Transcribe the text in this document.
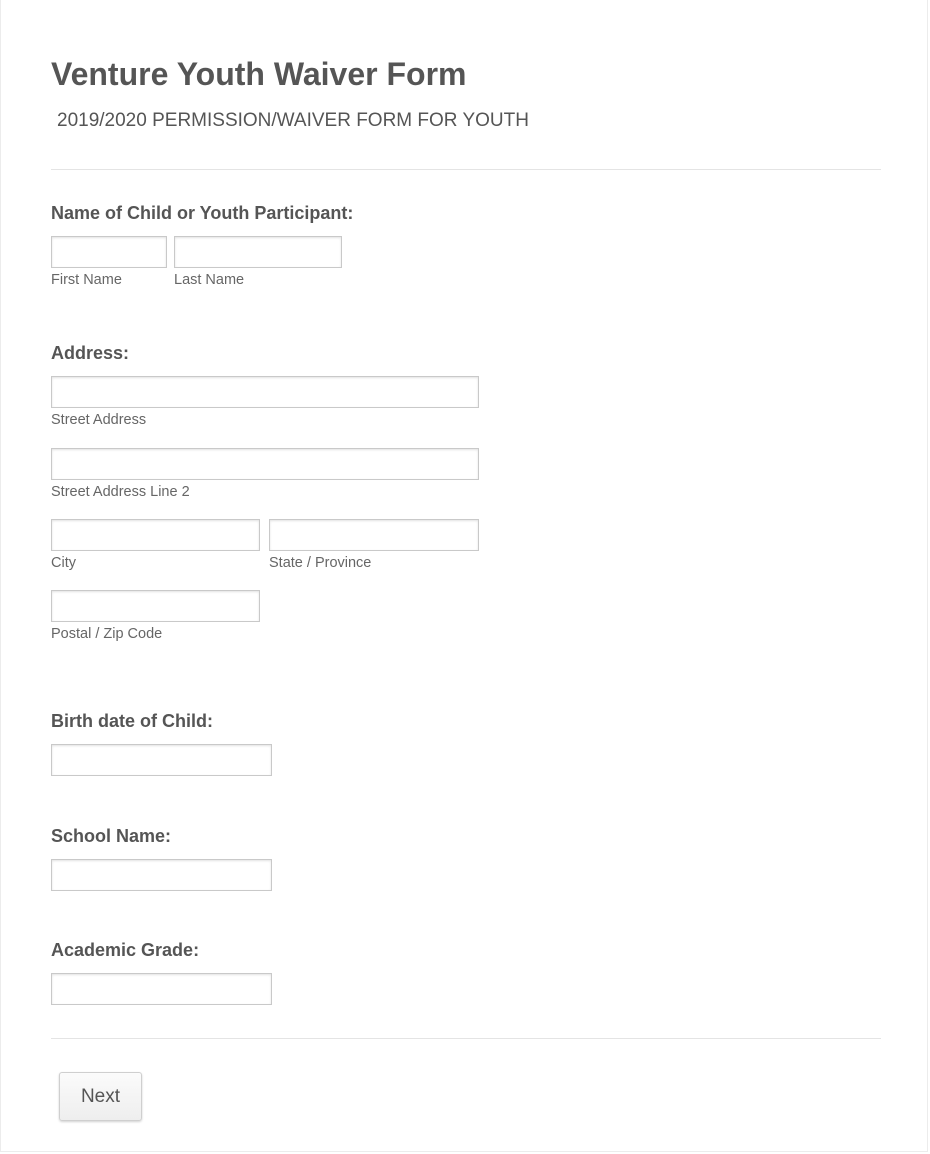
Venture Youth Waiver Form

2019/2020 PERMISSION/WAIVER FORM FOR YOUTH

Name of Child or Youth Participant:
First Name	Last Name
Address:
Street Address
Street Address Line 2
City	State / Province
Postal / Zip Code
Birth date of Child:
School Name:
Academic Grade:
Next
